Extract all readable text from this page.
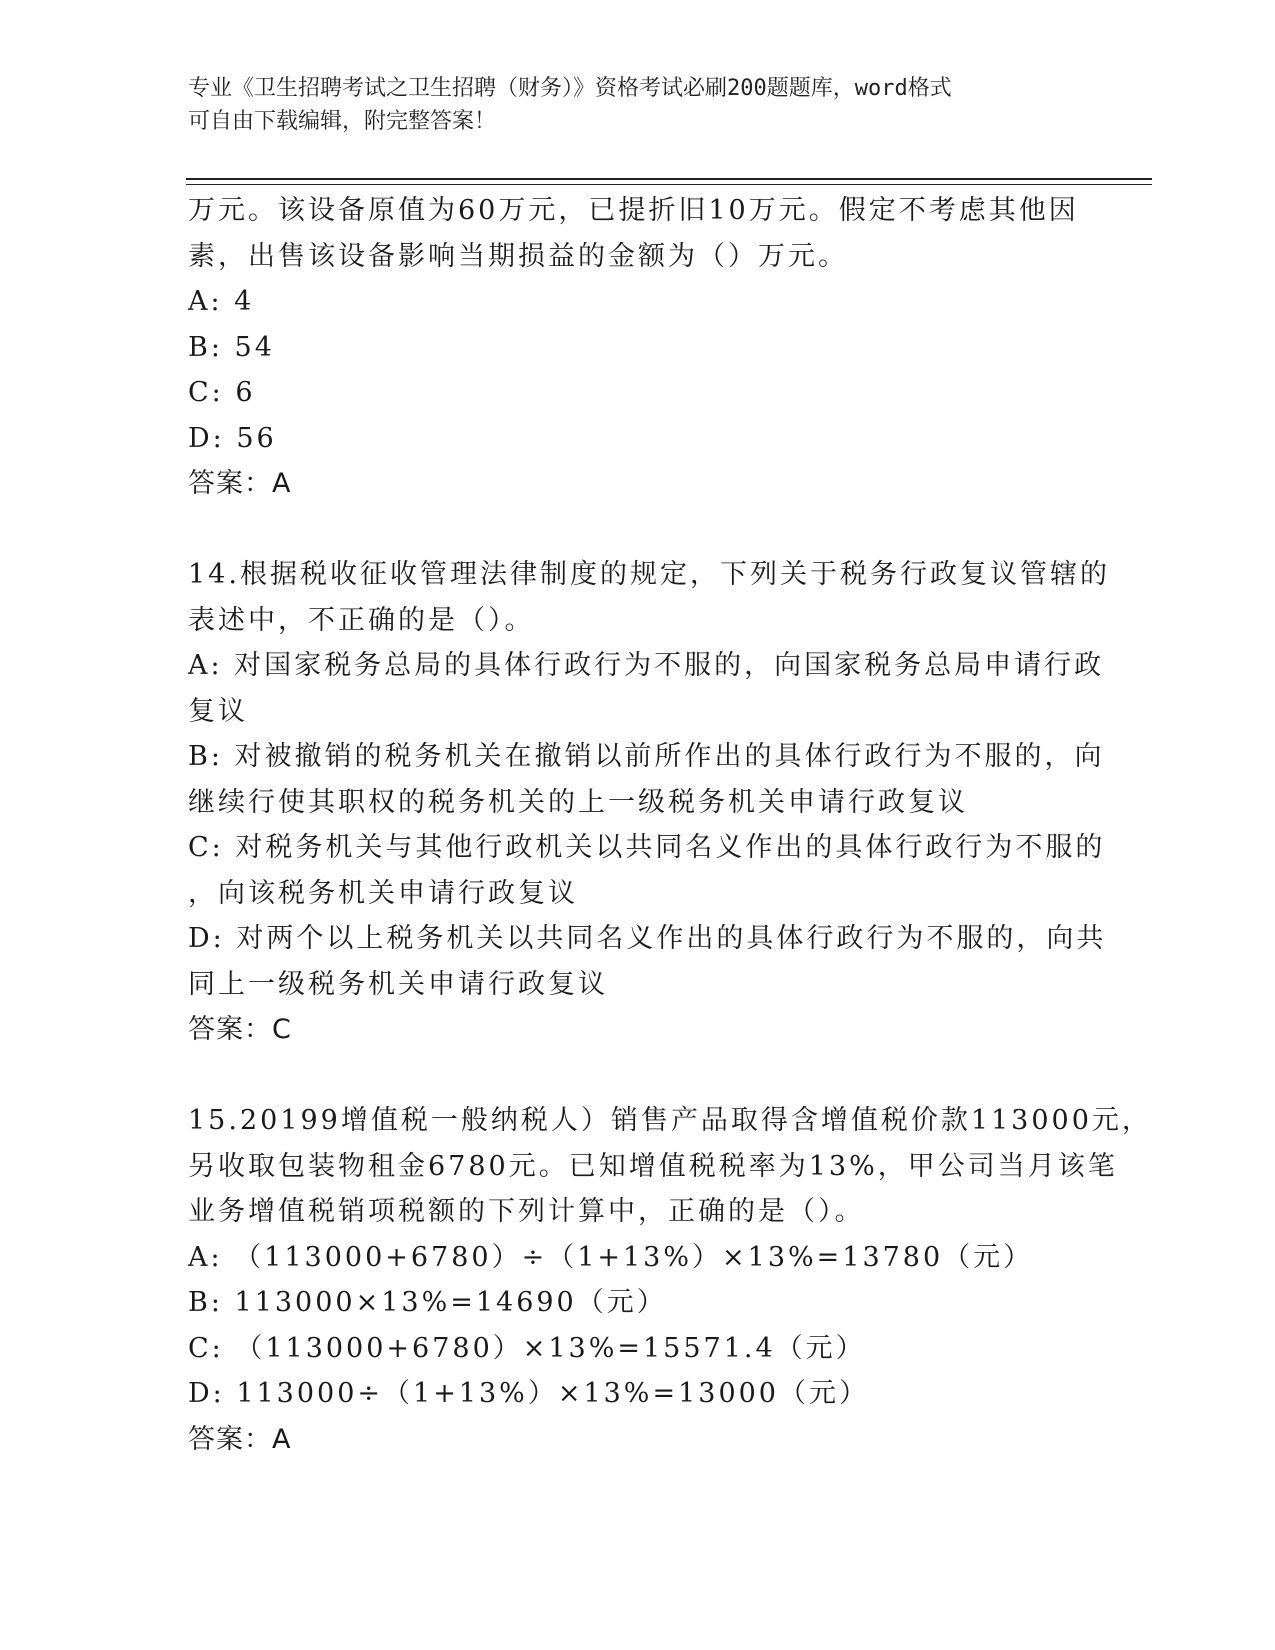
专业《卫生招聘考试之卫生招聘（财务）》资格考试必刷200题题库，word格式
可自由下载编辑，附完整答案！
万元。该设备原值为60万元，已提折旧10万元。假定不考虑其他因
素，出售该设备影响当期损益的金额为（）万元。
A: 4
B: 54
C: 6
D: 56
答案：A
14.根据税收征收管理法律制度的规定，下列关于税务行政复议管辖的
表述中，不正确的是（）。
A: 对国家税务总局的具体行政行为不服的，向国家税务总局申请行政
复议
B: 对被撤销的税务机关在撤销以前所作出的具体行政行为不服的，向
继续行使其职权的税务机关的上一级税务机关申请行政复议
C: 对税务机关与其他行政机关以共同名义作出的具体行政行为不服的
，向该税务机关申请行政复议
D: 对两个以上税务机关以共同名义作出的具体行政行为不服的，向共
同上一级税务机关申请行政复议
答案：C
15.20199增值税一般纳税人）销售产品取得含增值税价款113000元，
另收取包装物租金6780元。已知增值税税率为13%，甲公司当月该笔
业务增值税销项税额的下列计算中，正确的是（）。
A: （113000+6780）÷（1+13%）×13%=13780（元）
B: 113000×13%=14690（元）
C: （113000+6780）×13%=15571.4（元）
D: 113000÷（1+13%）×13%=13000（元）
答案：A
